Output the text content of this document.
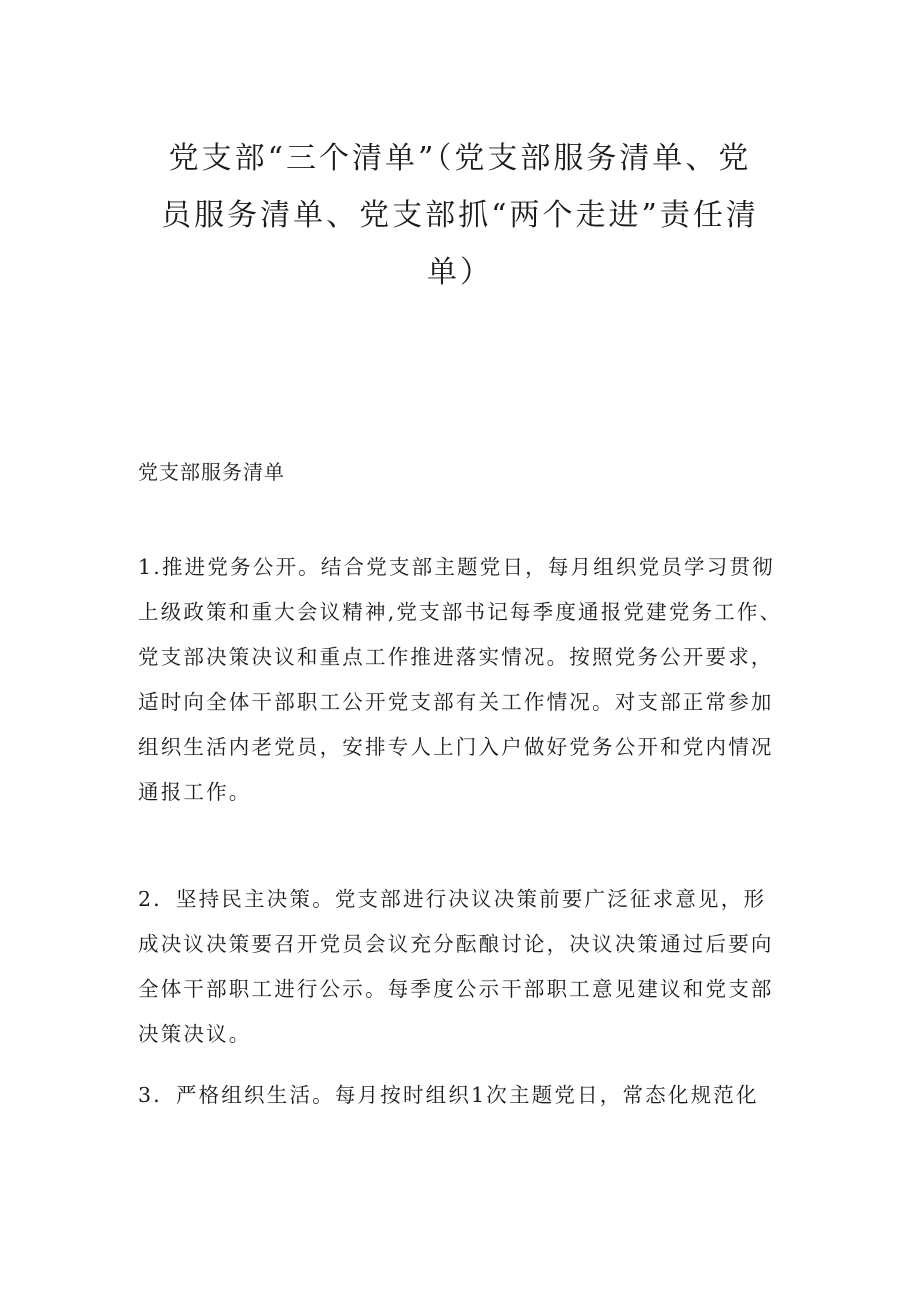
党支部“三个清单”（党支部服务清单、党
员服务清单、党支部抓“两个走进”责任清
单）
党支部服务清单

1.推进党务公开。结合党支部主题党日，每月组织党员学习贯彻
上级政策和重大会议精神,党支部书记每季度通报党建党务工作、
党支部决策决议和重点工作推进落实情况。按照党务公开要求，
适时向全体干部职工公开党支部有关工作情况。对支部正常参加
组织生活内老党员，安排专人上门入户做好党务公开和党内情况
通报工作。

2．坚持民主决策。党支部进行决议决策前要广泛征求意见，形
成决议决策要召开党员会议充分酝酿讨论，决议决策通过后要向
全体干部职工进行公示。每季度公示干部职工意见建议和党支部
决策决议。

3．严格组织生活。每月按时组织1次主题党日，常态化规范化
